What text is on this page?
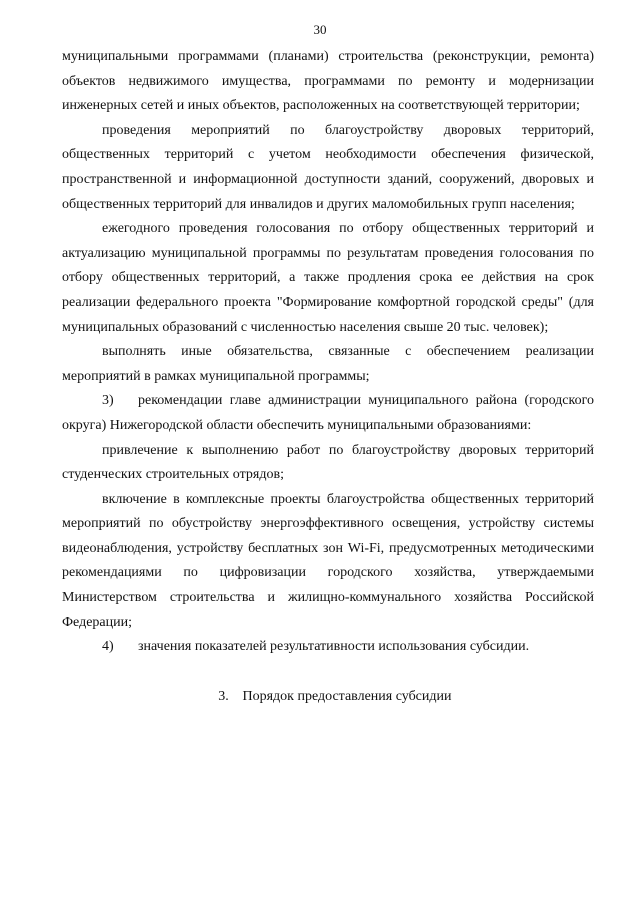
30

муниципальными программами (планами) строительства (реконструкции, ремонта) объектов недвижимого имущества, программами по ремонту и модернизации инженерных сетей и иных объектов, расположенных на соответствующей территории;

проведения мероприятий по благоустройству дворовых территорий, общественных территорий с учетом необходимости обеспечения физической, пространственной и информационной доступности зданий, сооружений, дворовых и общественных территорий для инвалидов и других маломобильных групп населения;

ежегодного проведения голосования по отбору общественных территорий и актуализацию муниципальной программы по результатам проведения голосования по отбору общественных территорий, а также продления срока ее действия на срок реализации федерального проекта "Формирование комфортной городской среды" (для муниципальных образований с численностью населения свыше 20 тыс. человек);

выполнять иные обязательства, связанные с обеспечением реализации мероприятий в рамках муниципальной программы;

3) рекомендации главе администрации муниципального района (городского округа) Нижегородской области обеспечить муниципальными образованиями:

привлечение к выполнению работ по благоустройству дворовых территорий студенческих строительных отрядов;

включение в комплексные проекты благоустройства общественных территорий мероприятий по обустройству энергоэффективного освещения, устройству системы видеонаблюдения, устройству бесплатных зон Wi-Fi, предусмотренных методическими рекомендациями по цифровизации городского хозяйства, утверждаемыми Министерством строительства и жилищно-коммунального хозяйства Российской Федерации;

4) значения показателей результативности использования субсидии.

3. Порядок предоставления субсидии
